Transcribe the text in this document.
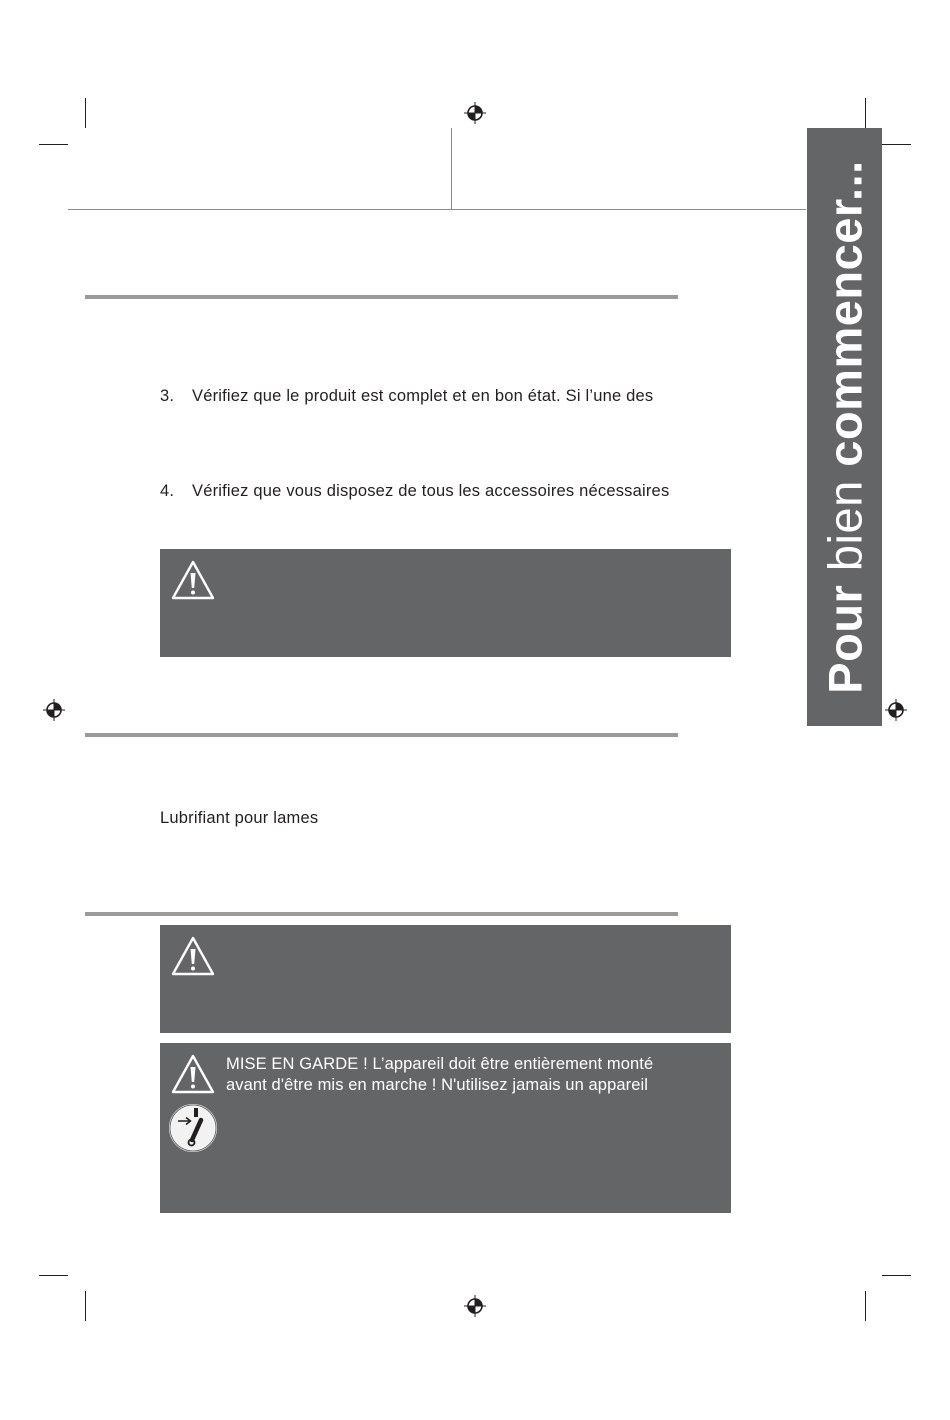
Pour bien commencer...
3. Vérifiez que le produit est complet et en bon état. Si l’une des
4. Vérifiez que vous disposez de tous les accessoires nécessaires
Lubrifiant pour lames
MISE EN GARDE ! L’appareil doit être entièrement monté
avant d'être mis en marche ! N'utilisez jamais un appareil
